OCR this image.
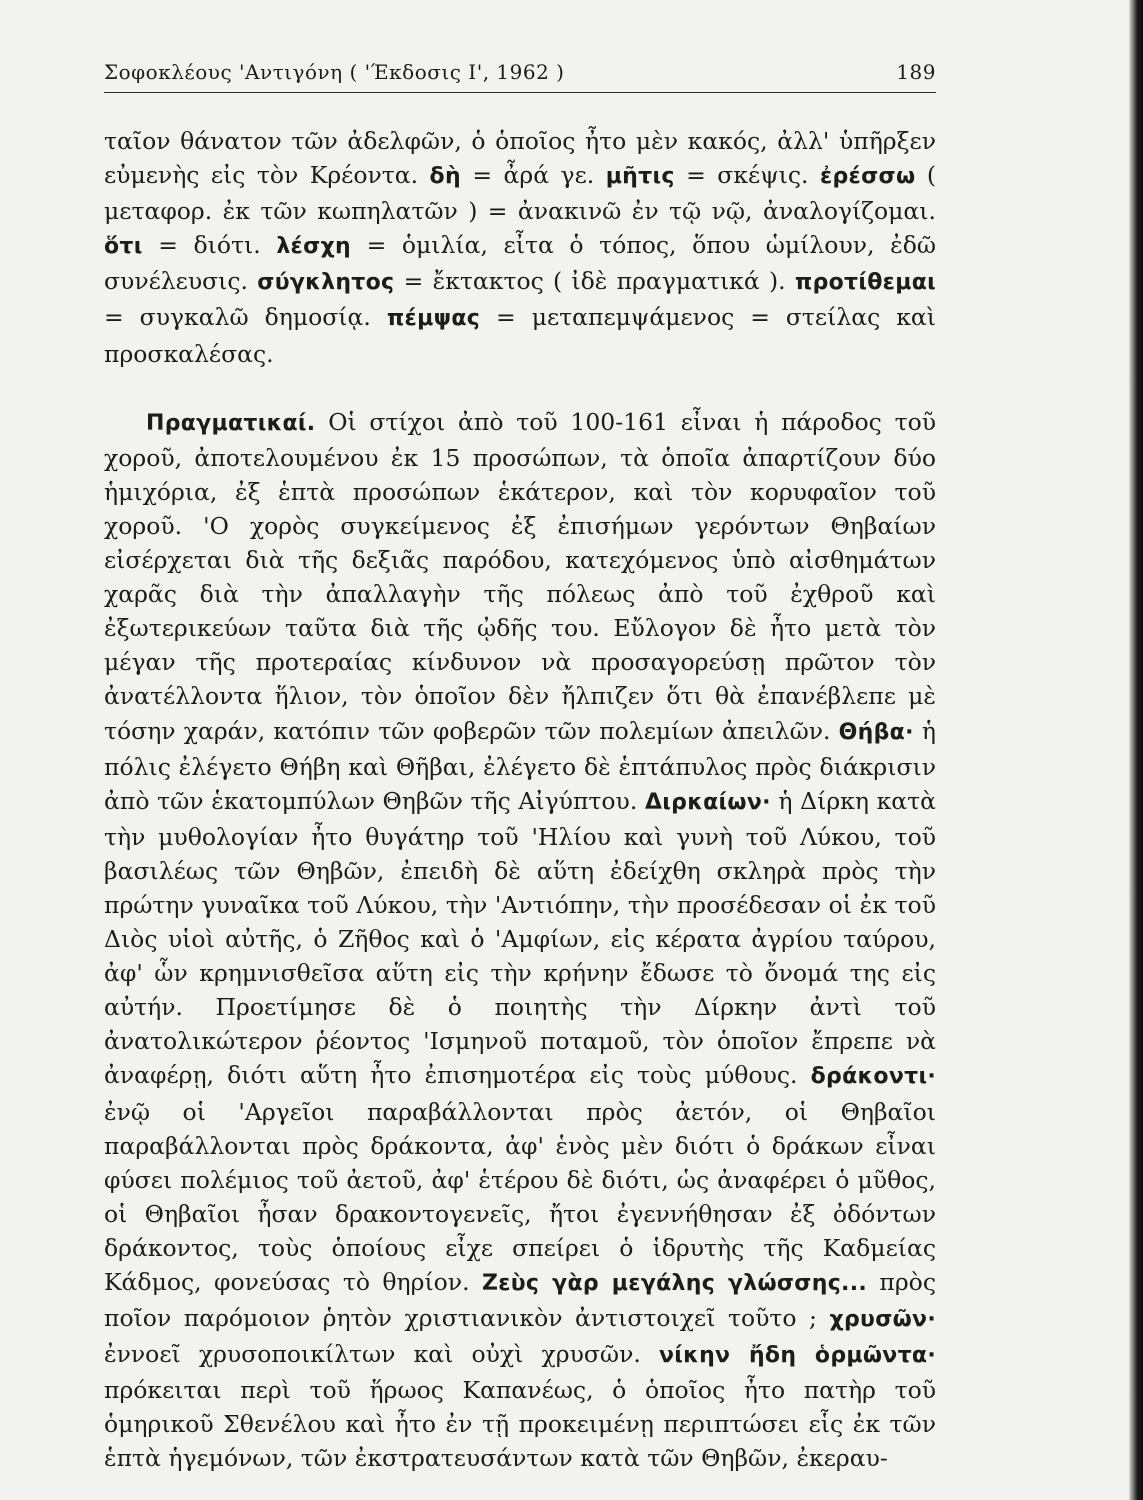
Σοφοκλέους 'Αντιγόνη ( 'Έκδοσις Ι', 1962 )	189

ταῖον θάνατον τῶν ἀδελφῶν, ὁ ὁποῖος ἦτο μὲν κακός, ἀλλ' ὑπῆρξεν εὐμενὴς εἰς τὸν Κρέοντα. δὴ = ἆρά γε. μῆτις = σκέψις. ἐρέσσω ( μεταφορ. ἐκ τῶν κωπηλατῶν ) = ἀνακινῶ ἐν τῷ νῷ, ἀναλογίζομαι. ὅτι = διότι. λέσχη = ὁμιλία, εἶτα ὁ τόπος, ὅπου ὡμίλουν, ἐδῶ συνέλευσις. σύγκλητος = ἔκτακτος ( ἰδὲ πραγματικά ). προτίθεμαι = συγκαλῶ δημοσίᾳ. πέμψας = μεταπεμψάμενος = στείλας καὶ προσκαλέσας.

Πραγματικαί. Οἱ στίχοι ἀπὸ τοῦ 100-161 εἶναι ἡ πάροδος τοῦ χοροῦ, ἀποτελουμένου ἐκ 15 προσώπων, τὰ ὁποῖα ἀπαρτίζουν δύο ἡμιχόρια, ἐξ ἑπτὰ προσώπων ἑκάτερον, καὶ τὸν κορυφαῖον τοῦ χοροῦ. 'Ο χορὸς συγκείμενος ἐξ ἐπισήμων γερόντων Θηβαίων εἰσέρχεται διὰ τῆς δεξιᾶς παρόδου, κατεχόμενος ὑπὸ αἰσθημάτων χαρᾶς διὰ τὴν ἀπαλλαγὴν τῆς πόλεως ἀπὸ τοῦ ἐχθροῦ καὶ ἐξωτερικεύων ταῦτα διὰ τῆς ᾠδῆς του. Εὔλογον δὲ ἦτο μετὰ τὸν μέγαν τῆς προτεραίας κίνδυνον νὰ προσαγορεύσῃ πρῶτον τὸν ἀνατέλλοντα ἥλιον, τὸν ὁποῖον δὲν ἤλπιζεν ὅτι θὰ ἐπανέβλεπε μὲ τόσην χαράν, κατόπιν τῶν φοβερῶν τῶν πολεμίων ἀπειλῶν. Θήβα· ἡ πόλις ἐλέγετο Θήβη καὶ Θῆβαι, ἐλέγετο δὲ ἑπτάπυλος πρὸς διάκρισιν ἀπὸ τῶν ἑκατομπύλων Θηβῶν τῆς Αἰγύπτου. Διρκαίων· ἡ Δίρκη κατὰ τὴν μυθολογίαν ἦτο θυγάτηρ τοῦ 'Ηλίου καὶ γυνὴ τοῦ Λύκου, τοῦ βασιλέως τῶν Θηβῶν, ἐπειδὴ δὲ αὕτη ἐδείχθη σκληρὰ πρὸς τὴν πρώτην γυναῖκα τοῦ Λύκου, τὴν 'Αντιόπην, τὴν προσέδεσαν οἱ ἐκ τοῦ Διὸς υἱοὶ αὐτῆς, ὁ Ζῆθος καὶ ὁ 'Αμφίων, εἰς κέρατα ἀγρίου ταύρου, ἀφ' ὧν κρημνισθεῖσα αὕτη εἰς τὴν κρήνην ἔδωσε τὸ ὄνομά της εἰς αὐτήν. Προετίμησε δὲ ὁ ποιητὴς τὴν Δίρκην ἀντὶ τοῦ ἀνατολικώτερον ῥέοντος 'Ισμηνοῦ ποταμοῦ, τὸν ὁποῖον ἔπρεπε νὰ ἀναφέρῃ, διότι αὕτη ἦτο ἐπισημοτέρα εἰς τοὺς μύθους. δράκοντι· ἐνῷ οἱ 'Αργεῖοι παραβάλλονται πρὸς ἀετόν, οἱ Θηβαῖοι παραβάλλονται πρὸς δράκοντα, ἀφ' ἑνὸς μὲν διότι ὁ δράκων εἶναι φύσει πολέμιος τοῦ ἀετοῦ, ἀφ' ἑτέρου δὲ διότι, ὡς ἀναφέρει ὁ μῦθος, οἱ Θηβαῖοι ἦσαν δρακοντογενεῖς, ἤτοι ἐγεννήθησαν ἐξ ὀδόντων δράκοντος, τοὺς ὁποίους εἶχε σπείρει ὁ ἱδρυτὴς τῆς Καδμείας Κάδμος, φονεύσας τὸ θηρίον. Ζεὺς γὰρ μεγάλης γλώσσης... πρὸς ποῖον παρόμοιον ῥητὸν χριστιανικὸν ἀντιστοιχεῖ τοῦτο ; χρυσῶν· ἐννοεῖ χρυσοποικίλτων καὶ οὐχὶ χρυσῶν. νίκην ἤδη ὁρμῶντα· πρόκειται περὶ τοῦ ἥρωος Καπανέως, ὁ ὁποῖος ἦτο πατὴρ τοῦ ὁμηρικοῦ Σθενέλου καὶ ἦτο ἐν τῇ προκειμένῃ περιπτώσει εἷς ἐκ τῶν ἑπτὰ ἡγεμόνων, τῶν ἐκστρατευσάντων κατὰ τῶν Θηβῶν, ἐκεραυ-
